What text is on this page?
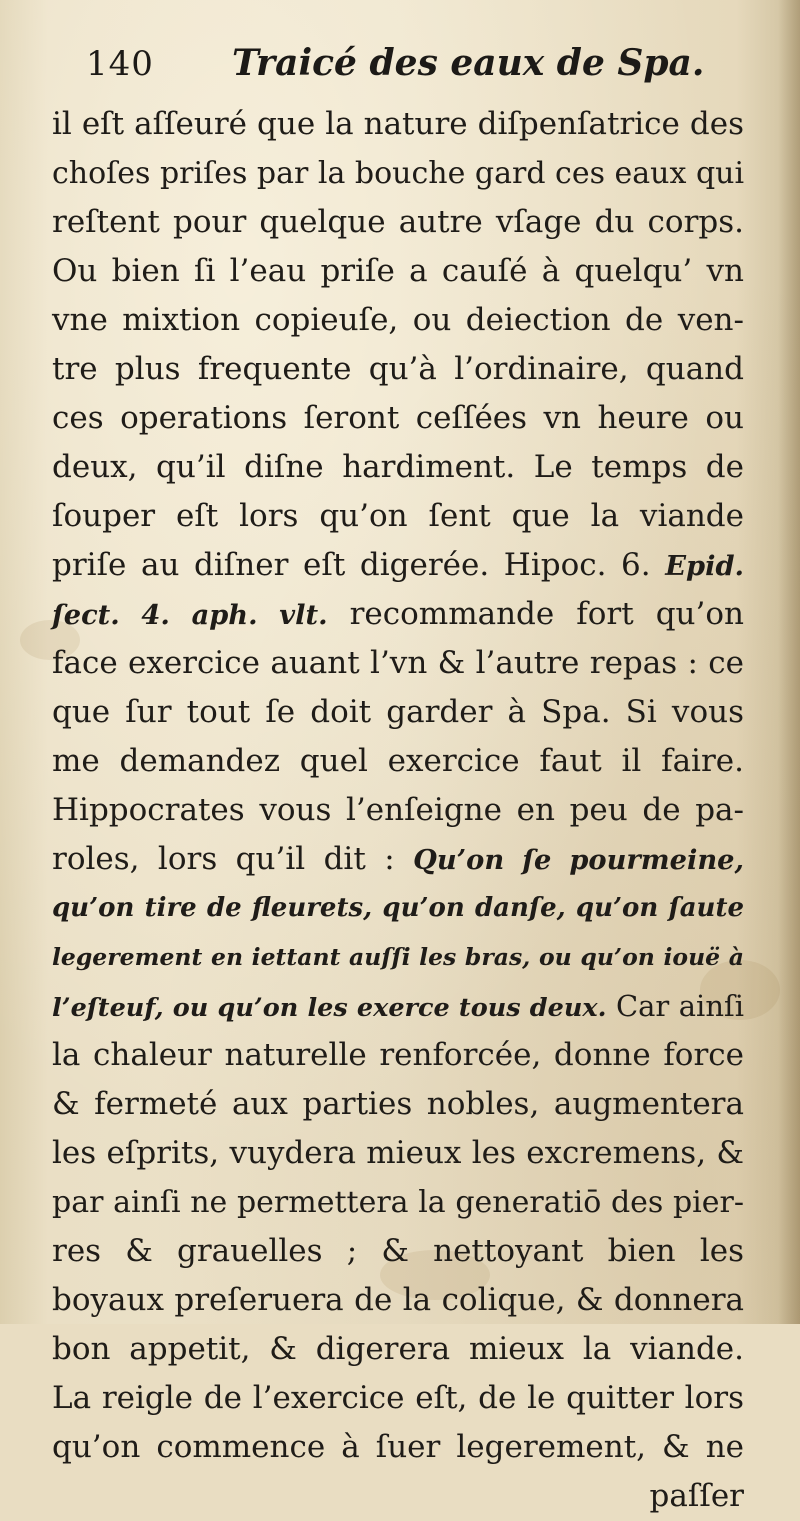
140 Traicé des eaux de Spa.
il eſt aſſeuré que la nature diſpenſatrice des
choſes priſes par la bouche gard ces eaux qui
reſtent pour quelque autre vſage du corps.
Ou bien ſi l’eau priſe a cauſé à quelqu’ vn
vne mixtion copieuſe, ou deiection de ven-
tre plus frequente qu’à l’ordinaire, quand
ces operations ſeront ceſſées vn heure ou
deux, qu’il diſne hardiment. Le temps de
ſouper eſt lors qu’on ſent que la viande
priſe au diſner eſt digerée. Hipoc. 6. Epid.
ſect. 4. aph. vlt. recommande fort qu’on
face exercice auant l’vn & l’autre repas : ce
que ſur tout ſe doit garder à Spa. Si vous
me demandez quel exercice faut il faire.
Hippocrates vous l’enſeigne en peu de pa-
roles, lors qu’il dit : Qu’on ſe pourmeine,
qu’on tire de fleurets, qu’on danſe, qu’on ſaute
legerement en iettant auſſi les bras, ou qu’on iouë à
l’eſteuf, ou qu’on les exerce tous deux. Car ainſi
la chaleur naturelle renforcée, donne force
& fermeté aux parties nobles, augmentera
les eſprits, vuydera mieux les excremens, &
par ainſi ne permettera la generatiō des pier-
res & grauelles ; & nettoyant bien les
boyaux preſeruera de la colique, & donnera
bon appetit, & digerera mieux la viande.
La reigle de l’exercice eſt, de le quitter lors
qu’on commence à ſuer legerement, & ne
paſſer
